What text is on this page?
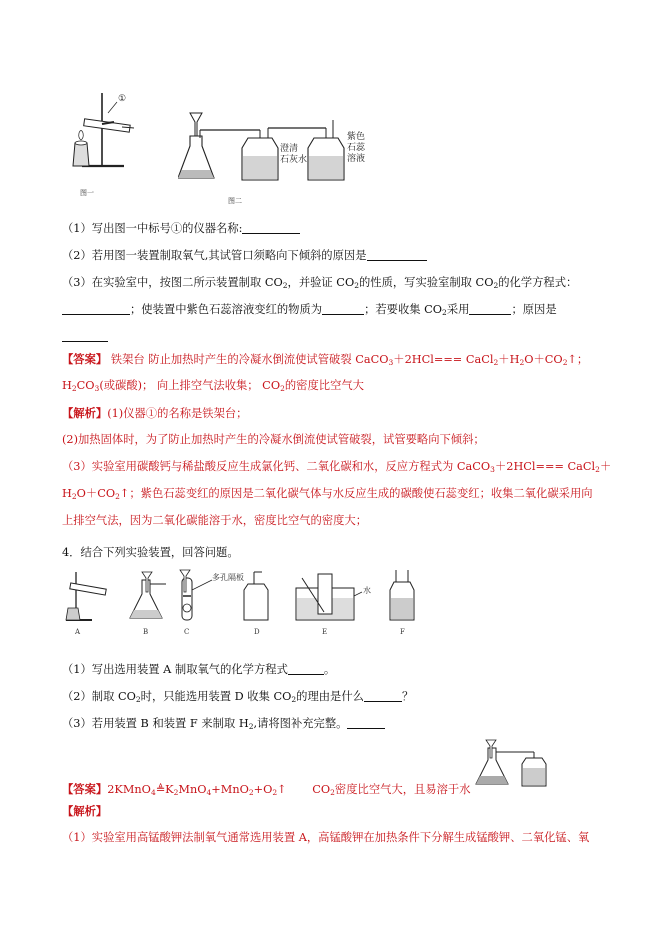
①
图一
澄清
石灰水
紫色
石蕊
溶液
图二
（1）写出图一中标号①的仪器名称:
（2）若用图一装置制取氧气,其试管口须略向下倾斜的原因是
（3）在实验室中，按图二所示装置制取 $CO_2$，并验证 $CO_2$的性质，写实验室制取 $CO_2$的化学方程式：
；使装置中紫色石蕊溶液变红的物质为	；若要收集 $CO_2$采用	；原因是
【答案】 铁架台 防止加热时产生的冷凝水倒流使试管破裂 CaCO$_3$＋2HCl=== $CaCl_2+H_2O+CO_2↑$；
$H_2CO_3$(或碳酸)； 向上排空气法收集； $CO_2$的密度比空气大
【解析】(1)仪器①的名称是铁架台；
(2)加热固体时，为了防止加热时产生的冷凝水倒流使试管破裂，试管要略向下倾斜；
（3）实验室用碳酸钙与稀盐酸反应生成氯化钙、二氧化碳和水，反应方程式为 CaCO$_3$＋2HCl=== CaCl$_2$＋
$H_2O+CO_2↑$；紫色石蕊变红的原因是二氧化碳气体与水反应生成的碳酸使石蕊变红；收集二氧化碳采用向
上排空气法，因为二氧化碳能溶于水，密度比空气的密度大；
4．结合下列实验装置，回答问题。
A	B	C	D	E	F
多孔隔板
水
（1）写出选用装置 A 制取氧气的化学方程式	。
（2）制取 $CO_2$时，只能选用装置 D 收集 $CO_2$的理由是什么	？
（3）若用装置 B 和装置 F 来制取 $H_2$,请将图补充完整。
【答案】$2KMnO_4≜K_2MnO_4+MnO_2+O_2↑$ $CO_2$密度比空气大，且易溶于水
【解析】
（1）实验室用高锰酸钾法制氧气通常选用装置 A，高锰酸钾在加热条件下分解生成锰酸钾、二氧化锰、氧
